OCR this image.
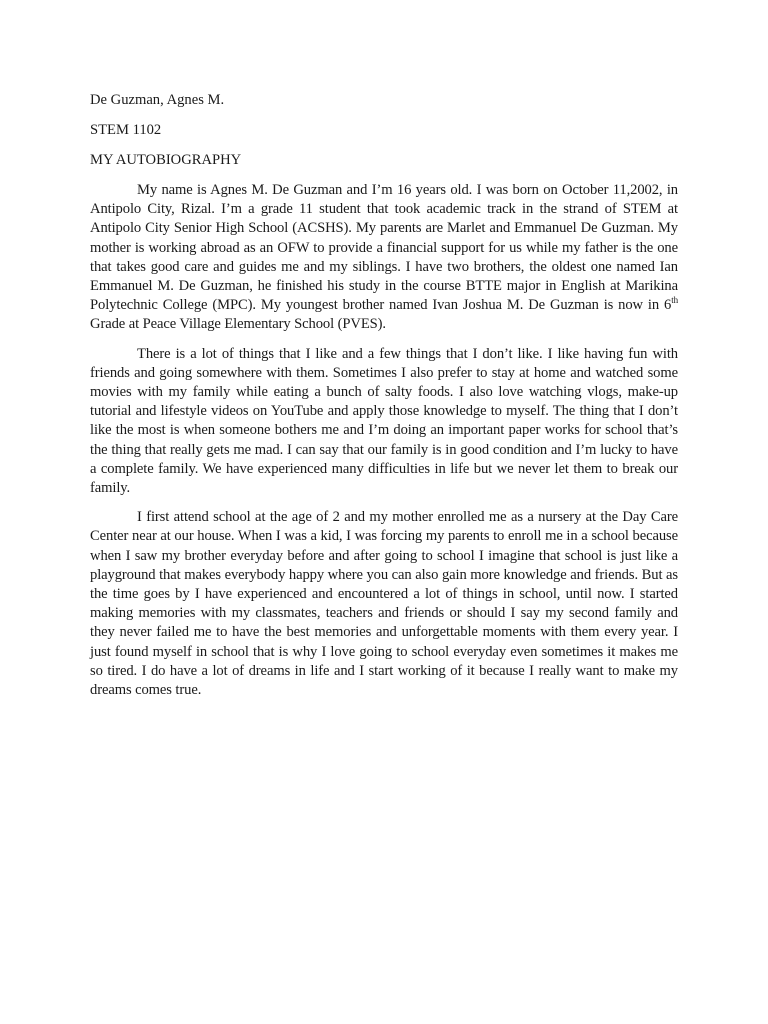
De Guzman, Agnes M.
STEM 1102
MY AUTOBIOGRAPHY

My name is Agnes M. De Guzman and I’m 16 years old. I was born on October 11,2002, in Antipolo City, Rizal. I’m a grade 11 student that took academic track in the strand of STEM at Antipolo City Senior High School (ACSHS). My parents are Marlet and Emmanuel De Guzman. My mother is working abroad as an OFW to provide a financial support for us while my father is the one that takes good care and guides me and my siblings. I have two brothers, the oldest one named Ian Emmanuel M. De Guzman, he finished his study in the course BTTE major in English at Marikina Polytechnic College (MPC). My youngest brother named Ivan Joshua M. De Guzman is now in 6th Grade at Peace Village Elementary School (PVES).

There is a lot of things that I like and a few things that I don’t like. I like having fun with friends and going somewhere with them. Sometimes I also prefer to stay at home and watched some movies with my family while eating a bunch of salty foods. I also love watching vlogs, make-up tutorial and lifestyle videos on YouTube and apply those knowledge to myself. The thing that I don’t like the most is when someone bothers me and I’m doing an important paper works for school that’s the thing that really gets me mad. I can say that our family is in good condition and I’m lucky to have a complete family. We have experienced many difficulties in life but we never let them to break our family.

I first attend school at the age of 2 and my mother enrolled me as a nursery at the Day Care Center near at our house. When I was a kid, I was forcing my parents to enroll me in a school because when I saw my brother everyday before and after going to school I imagine that school is just like a playground that makes everybody happy where you can also gain more knowledge and friends. But as the time goes by I have experienced and encountered a lot of things in school, until now. I started making memories with my classmates, teachers and friends or should I say my second family and they never failed me to have the best memories and unforgettable moments with them every year. I just found myself in school that is why I love going to school everyday even sometimes it makes me so tired. I do have a lot of dreams in life and I start working of it because I really want to make my dreams comes true.
